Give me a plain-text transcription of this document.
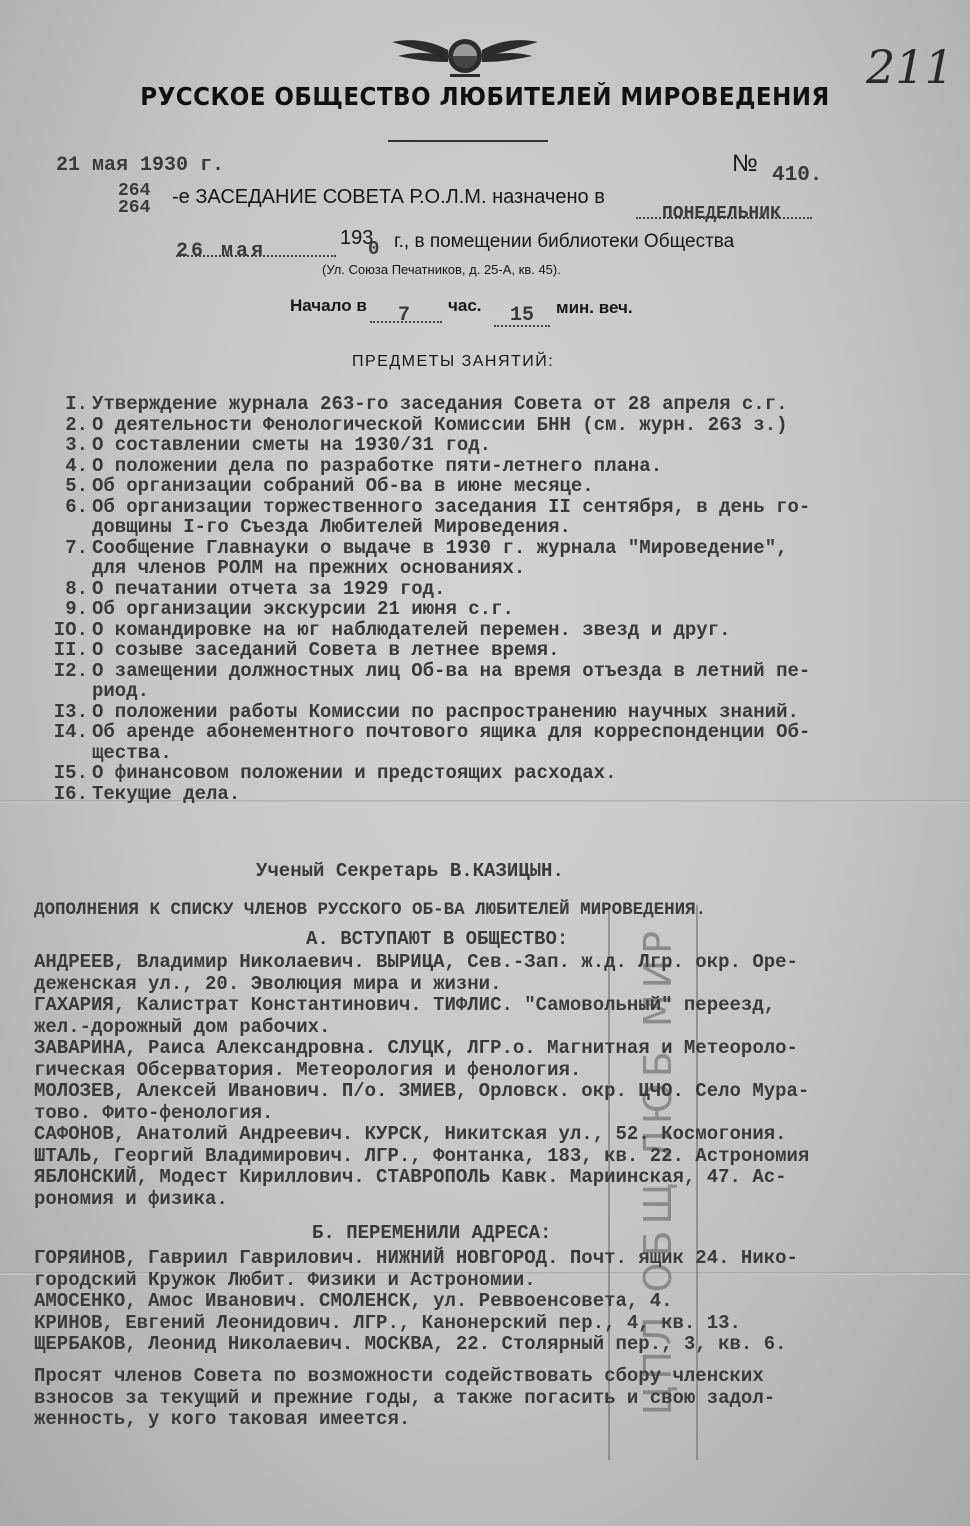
ЦПЛ ОБЩ ЛЮБ МИР
211
РУССКОЕ ОБЩЕСТВО ЛЮБИТЕЛЕЙ МИРОВЕДЕНИЯ
21 мая 1930 г.	№ 410.
264
264 -е ЗАСЕДАНИЕ СОВЕТА Р.О.Л.М. назначено в
ПОНЕДЕЛЬНИК
26 мая
193
0 г., в помещении библиотеки Общества
(Ул. Союза Печатников, д. 25-А, кв. 45).
Начало в 7 час. 15 мин. веч.
ПРЕДМЕТЫ ЗАНЯТИЙ:
I. Утверждение журнала 263-го заседания Совета от 28 апреля с.г.
2. О деятельности Фенологической Комиссии БНН (см. журн. 263 з.)
3. О составлении сметы на 1930/31 год.
4. О положении дела по разработке пяти-летнего плана.
5. Об организации собраний Об-ва в июне месяце.
6. Об организации торжественного заседания II сентября, в день го-
довщины I-го Съезда Любителей Мироведения.
7. Сообщение Главнауки о выдаче в 1930 г. журнала "Мироведение",
для членов РОЛМ на прежних основаниях.
8. О печатании отчета за 1929 год.
9. Об организации экскурсии 21 июня с.г.
IO. О командировке на юг наблюдателей перемен. звезд и друг.
II. О созыве заседаний Совета в летнее время.
I2. О замещении должностных лиц Об-ва на время отъезда в летний пе-
риод.
I3. О положении работы Комиссии по распространению научных знаний.
I4. Об аренде абонементного почтового ящика для корреспонденции Об-
щества.
I5. О финансовом положении и предстоящих расходах.
I6. Текущие дела.
Ученый Секретарь В.КАЗИЦЫН.
ДОПОЛНЕНИЯ К СПИСКУ ЧЛЕНОВ РУССКОГО ОБ-ВА ЛЮБИТЕЛЕЙ МИРОВЕДЕНИЯ.
А. ВСТУПАЮТ В ОБЩЕСТВО:
АНДРЕЕВ, Владимир Николаевич. ВЫРИЦА, Сев.-Зап. ж.д. Лгр. окр. Оре-
деженская ул., 20. Эволюция мира и жизни.
ГАХАРИЯ, Калистрат Константинович. ТИФЛИС. "Самовольный" переезд,
жел.-дорожный дом рабочих.
ЗАВАРИНА, Раиса Александровна. СЛУЦК, ЛГР.о. Магнитная и Метеороло-
гическая Обсерватория. Метеорология и фенология.
МОЛОЗЕВ, Алексей Иванович. П/о. ЗМИЕВ, Орловск. окр. ЦЧО. Село Мура-
тово. Фито-фенология.
САФОНОВ, Анатолий Андреевич. КУРСК, Никитская ул., 52. Космогония.
ШТАЛЬ, Георгий Владимирович. ЛГР., Фонтанка, 183, кв. 22. Астрономия
ЯБЛОНСКИЙ, Модест Кириллович. СТАВРОПОЛЬ Кавк. Мариинская, 47. Ас-
рономия и физика.
Б. ПЕРЕМЕНИЛИ АДРЕСА:
ГОРЯИНОВ, Гавриил Гаврилович. НИЖНИЙ НОВГОРОД. Почт. ящик 24. Нико-
городский Кружок Любит. Физики и Астрономии.
АМОСЕНКО, Амос Иванович. СМОЛЕНСК, ул. Реввоенсовета, 4.
КРИНОВ, Евгений Леонидович. ЛГР., Канонерский пер., 4, кв. 13.
ЩЕРБАКОВ, Леонид Николаевич. МОСКВА, 22. Столярный пер., 3, кв. 6.
Просят членов Совета по возможности содействовать сбору членских
взносов за текущий и прежние годы, а также погасить и свою задол-
женность, у кого таковая имеется.
